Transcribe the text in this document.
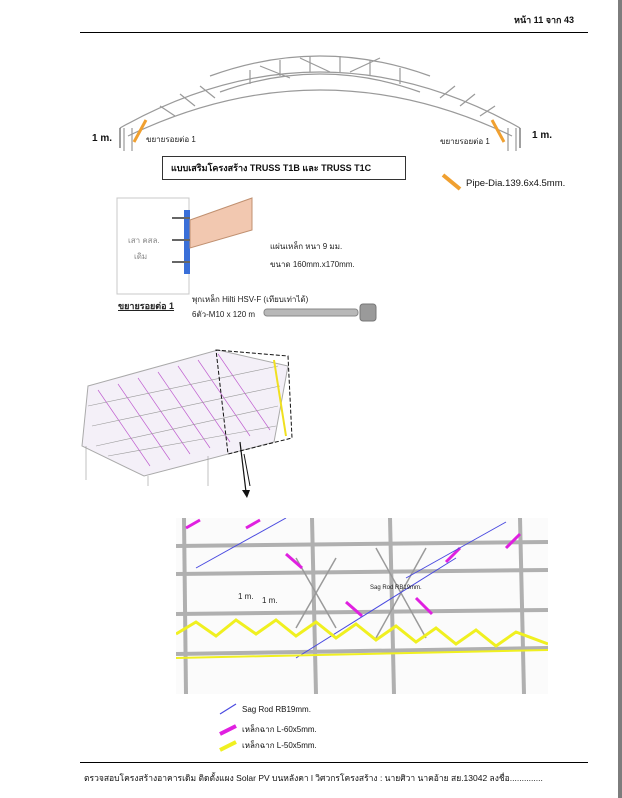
หน้า 11 จาก 43
1 m.	1 m.
ขยายรอยต่อ 1	ขยายรอยต่อ 1
แบบเสริมโครงสร้าง TRUSS T1B และ TRUSS T1C
Pipe-Dia.139.6x4.5mm.
เสา คสล.
เดิม
แผ่นเหล็ก หนา 9 มม.
ขนาด 160mm.x170mm.
ขยายรอยต่อ 1
พุกเหล็ก Hilti HSV-F (เทียบเท่าได้)
6ตัว-M10 x 120 m
Sag Rod RB19mm.
1 m. 1 m.
Sag Rod RB19mm.
เหล็กฉาก L-60x5mm.
เหล็กฉาก L-50x5mm.
ตรวจสอบโครงสร้างอาคารเดิม ติดตั้งแผง Solar PV บนหลังคา l วิศวกรโครงสร้าง : นายศิวา นาคอ้าย สย.13042 ลงชื่อ..............
